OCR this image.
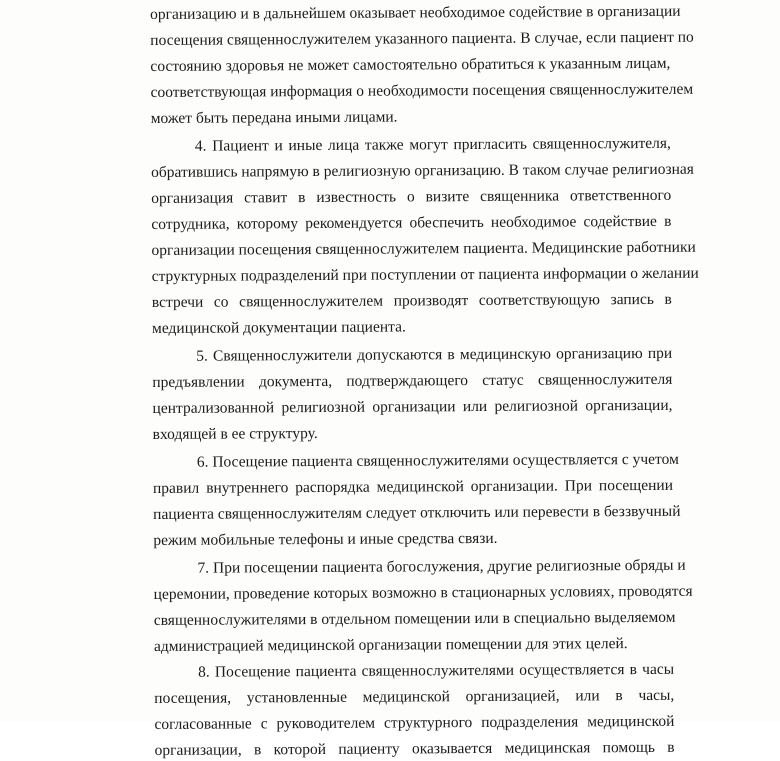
организацию и в дальнейшем оказывает необходимое содействие в организации
посещения священнослужителем указанного пациента. В случае, если пациент по
состоянию здоровья не может самостоятельно обратиться к указанным лицам,
соответствующая информация о необходимости посещения священнослужителем
может быть передана иными лицами.
4. Пациент и иные лица также могут пригласить священнослужителя,
обратившись напрямую в религиозную организацию. В таком случае религиозная
организация ставит в известность о визите священника ответственного
сотрудника, которому рекомендуется обеспечить необходимое содействие в
организации посещения священнослужителем пациента. Медицинские работники
структурных подразделений при поступлении от пациента информации о желании
встречи со священнослужителем производят соответствующую запись в
медицинской документации пациента.
5. Священнослужители допускаются в медицинскую организацию при
предъявлении документа, подтверждающего статус священнослужителя
централизованной религиозной организации или религиозной организации,
входящей в ее структуру.
6. Посещение пациента священнослужителями осуществляется с учетом
правил внутреннего распорядка медицинской организации. При посещении
пациента священнослужителям следует отключить или перевести в беззвучный
режим мобильные телефоны и иные средства связи.
7. При посещении пациента богослужения, другие религиозные обряды и
церемонии, проведение которых возможно в стационарных условиях, проводятся
священнослужителями в отдельном помещении или в специально выделяемом
администрацией медицинской организации помещении для этих целей.
8. Посещение пациента священнослужителями осуществляется в часы
посещения, установленные медицинской организацией, или в часы,
согласованные с руководителем структурного подразделения медицинской
организации, в которой пациенту оказывается медицинская помощь в
